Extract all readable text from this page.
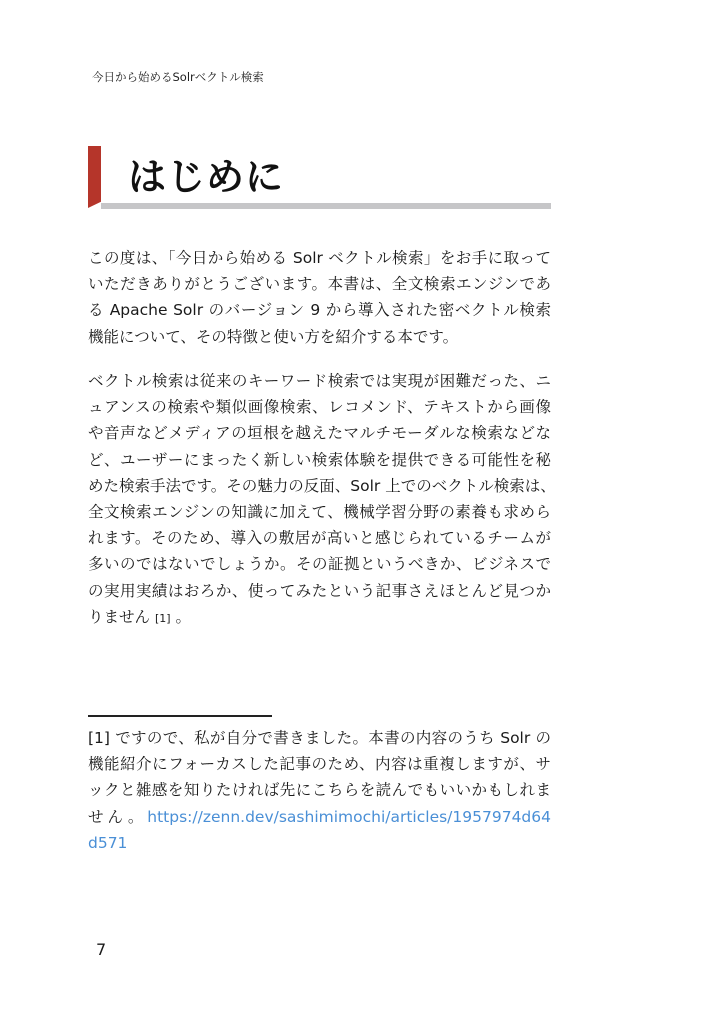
今日から始めるSolrベクトル検索
はじめに
この度は、「今日から始める Solr ベクトル検索」をお手に取って
いただきありがとうございます。本書は、全文検索エンジンであ
る Apache Solr のバージョン 9 から導入された密ベクトル検索
機能について、その特徴と使い方を紹介する本です。
ベクトル検索は従来のキーワード検索では実現が困難だった、ニ
ュアンスの検索や類似画像検索、レコメンド、テキストから画像
や音声などメディアの垣根を越えたマルチモーダルな検索などな
ど、ユーザーにまったく新しい検索体験を提供できる可能性を秘
めた検索手法です。その魅力の反面、Solr 上でのベクトル検索は、
全文検索エンジンの知識に加えて、機械学習分野の素養も求めら
れます。そのため、導入の敷居が高いと感じられているチームが
多いのではないでしょうか。その証拠というべきか、ビジネスで
の実用実績はおろか、使ってみたという記事さえほとんど見つか
りません [1] 。
[1] ですので、私が自分で書きました。本書の内容のうち Solr の
機能紹介にフォーカスした記事のため、内容は重複しますが、サ
ックと雑感を知りたければ先にこちらを読んでもいいかもしれま
せん。https://zenn.dev/sashimimochi/articles/1957974d64
d571
7
